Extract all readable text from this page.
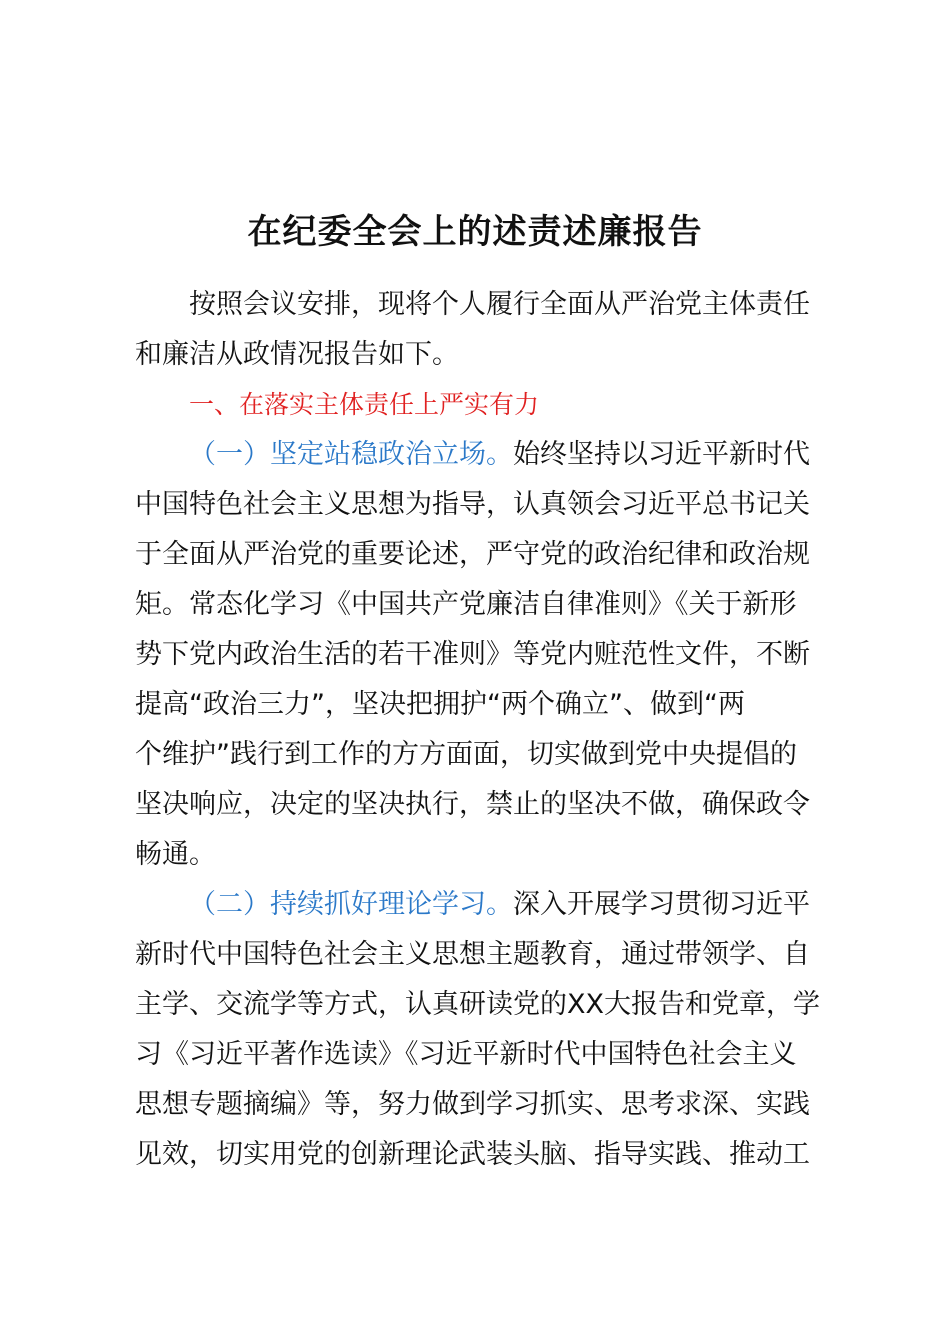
在纪委全会上的述责述廉报告
按照会议安排，现将个人履行全面从严治党主体责任
和廉洁从政情况报告如下。
一、在落实主体责任上严实有力
（一）坚定站稳政治立场。始终坚持以习近平新时代
中国特色社会主义思想为指导，认真领会习近平总书记关
于全面从严治党的重要论述，严守党的政治纪律和政治规
矩。常态化学习《中国共产党廉洁自律准则》《关于新形
势下党内政治生活的若干准则》等党内赃范性文件，不断
提高“政治三力”，坚决把拥护“两个确立”、做到“两
个维护”践行到工作的方方面面，切实做到党中央提倡的
坚决响应，决定的坚决执行，禁止的坚决不做，确保政令
畅通。
（二）持续抓好理论学习。深入开展学习贯彻习近平
新时代中国特色社会主义思想主题教育，通过带领学、自
主学、交流学等方式，认真研读党的XX大报告和党章，学
习《习近平著作选读》《习近平新时代中国特色社会主义
思想专题摘编》等，努力做到学习抓实、思考求深、实践
见效，切实用党的创新理论武装头脑、指导实践、推动工
